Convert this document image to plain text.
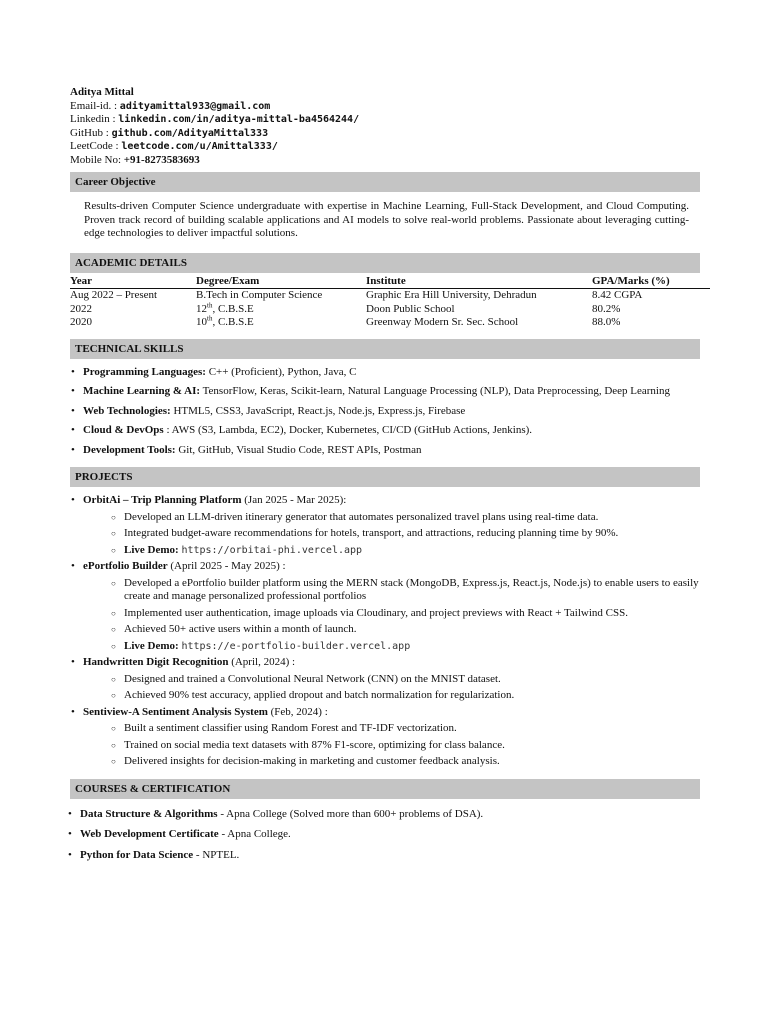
Aditya Mittal
Email-id. : adityamittal933@gmail.com
Linkedin : linkedin.com/in/aditya-mittal-ba4564244/
GitHub : github.com/AdityaMittal333
LeetCode : leetcode.com/u/Amittal333/
Mobile No: +91-8273583693
Career Objective
Results-driven Computer Science undergraduate with expertise in Machine Learning, Full-Stack Development, and Cloud Computing. Proven track record of building scalable applications and AI models to solve real-world problems. Passionate about leveraging cutting-edge technologies to deliver impactful solutions.
ACADEMIC DETAILS
Year	Degree/Exam	Institute	GPA/Marks (%)
Aug 2022 – Present	B.Tech in Computer Science	Graphic Era Hill University, Dehradun	8.42 CGPA
2022	12th, C.B.S.E	Doon Public School	80.2%
2020	10th, C.B.S.E	Greenway Modern Sr. Sec. School	88.0%
TECHNICAL SKILLS
• Programming Languages: C++ (Proficient), Python, Java, C
• Machine Learning & AI: TensorFlow, Keras, Scikit-learn, Natural Language Processing (NLP), Data Preprocessing, Deep Learning
• Web Technologies: HTML5, CSS3, JavaScript, React.js, Node.js, Express.js, Firebase
• Cloud & DevOps : AWS (S3, Lambda, EC2), Docker, Kubernetes, CI/CD (GitHub Actions, Jenkins).
• Development Tools: Git, GitHub, Visual Studio Code, REST APIs, Postman
PROJECTS
• OrbitAi – Trip Planning Platform (Jan 2025 - Mar 2025):
○ Developed an LLM-driven itinerary generator that automates personalized travel plans using real-time data.
○ Integrated budget-aware recommendations for hotels, transport, and attractions, reducing planning time by 90%.
○ Live Demo: https://orbitai-phi.vercel.app
• ePortfolio Builder (April 2025 - May 2025) :
○ Developed a ePortfolio builder platform using the MERN stack (MongoDB, Express.js, React.js, Node.js) to enable users to easily create and manage personalized professional portfolios
○ Implemented user authentication, image uploads via Cloudinary, and project previews with React + Tailwind CSS.
○ Achieved 50+ active users within a month of launch.
○ Live Demo: https://e-portfolio-builder.vercel.app
• Handwritten Digit Recognition (April, 2024) :
○ Designed and trained a Convolutional Neural Network (CNN) on the MNIST dataset.
○ Achieved 90% test accuracy, applied dropout and batch normalization for regularization.
• Sentiview-A Sentiment Analysis System (Feb, 2024) :
○ Built a sentiment classifier using Random Forest and TF-IDF vectorization.
○ Trained on social media text datasets with 87% F1-score, optimizing for class balance.
○ Delivered insights for decision-making in marketing and customer feedback analysis.
COURSES & CERTIFICATION
• Data Structure & Algorithms - Apna College (Solved more than 600+ problems of DSA).
• Web Development Certificate - Apna College.
• Python for Data Science - NPTEL.
